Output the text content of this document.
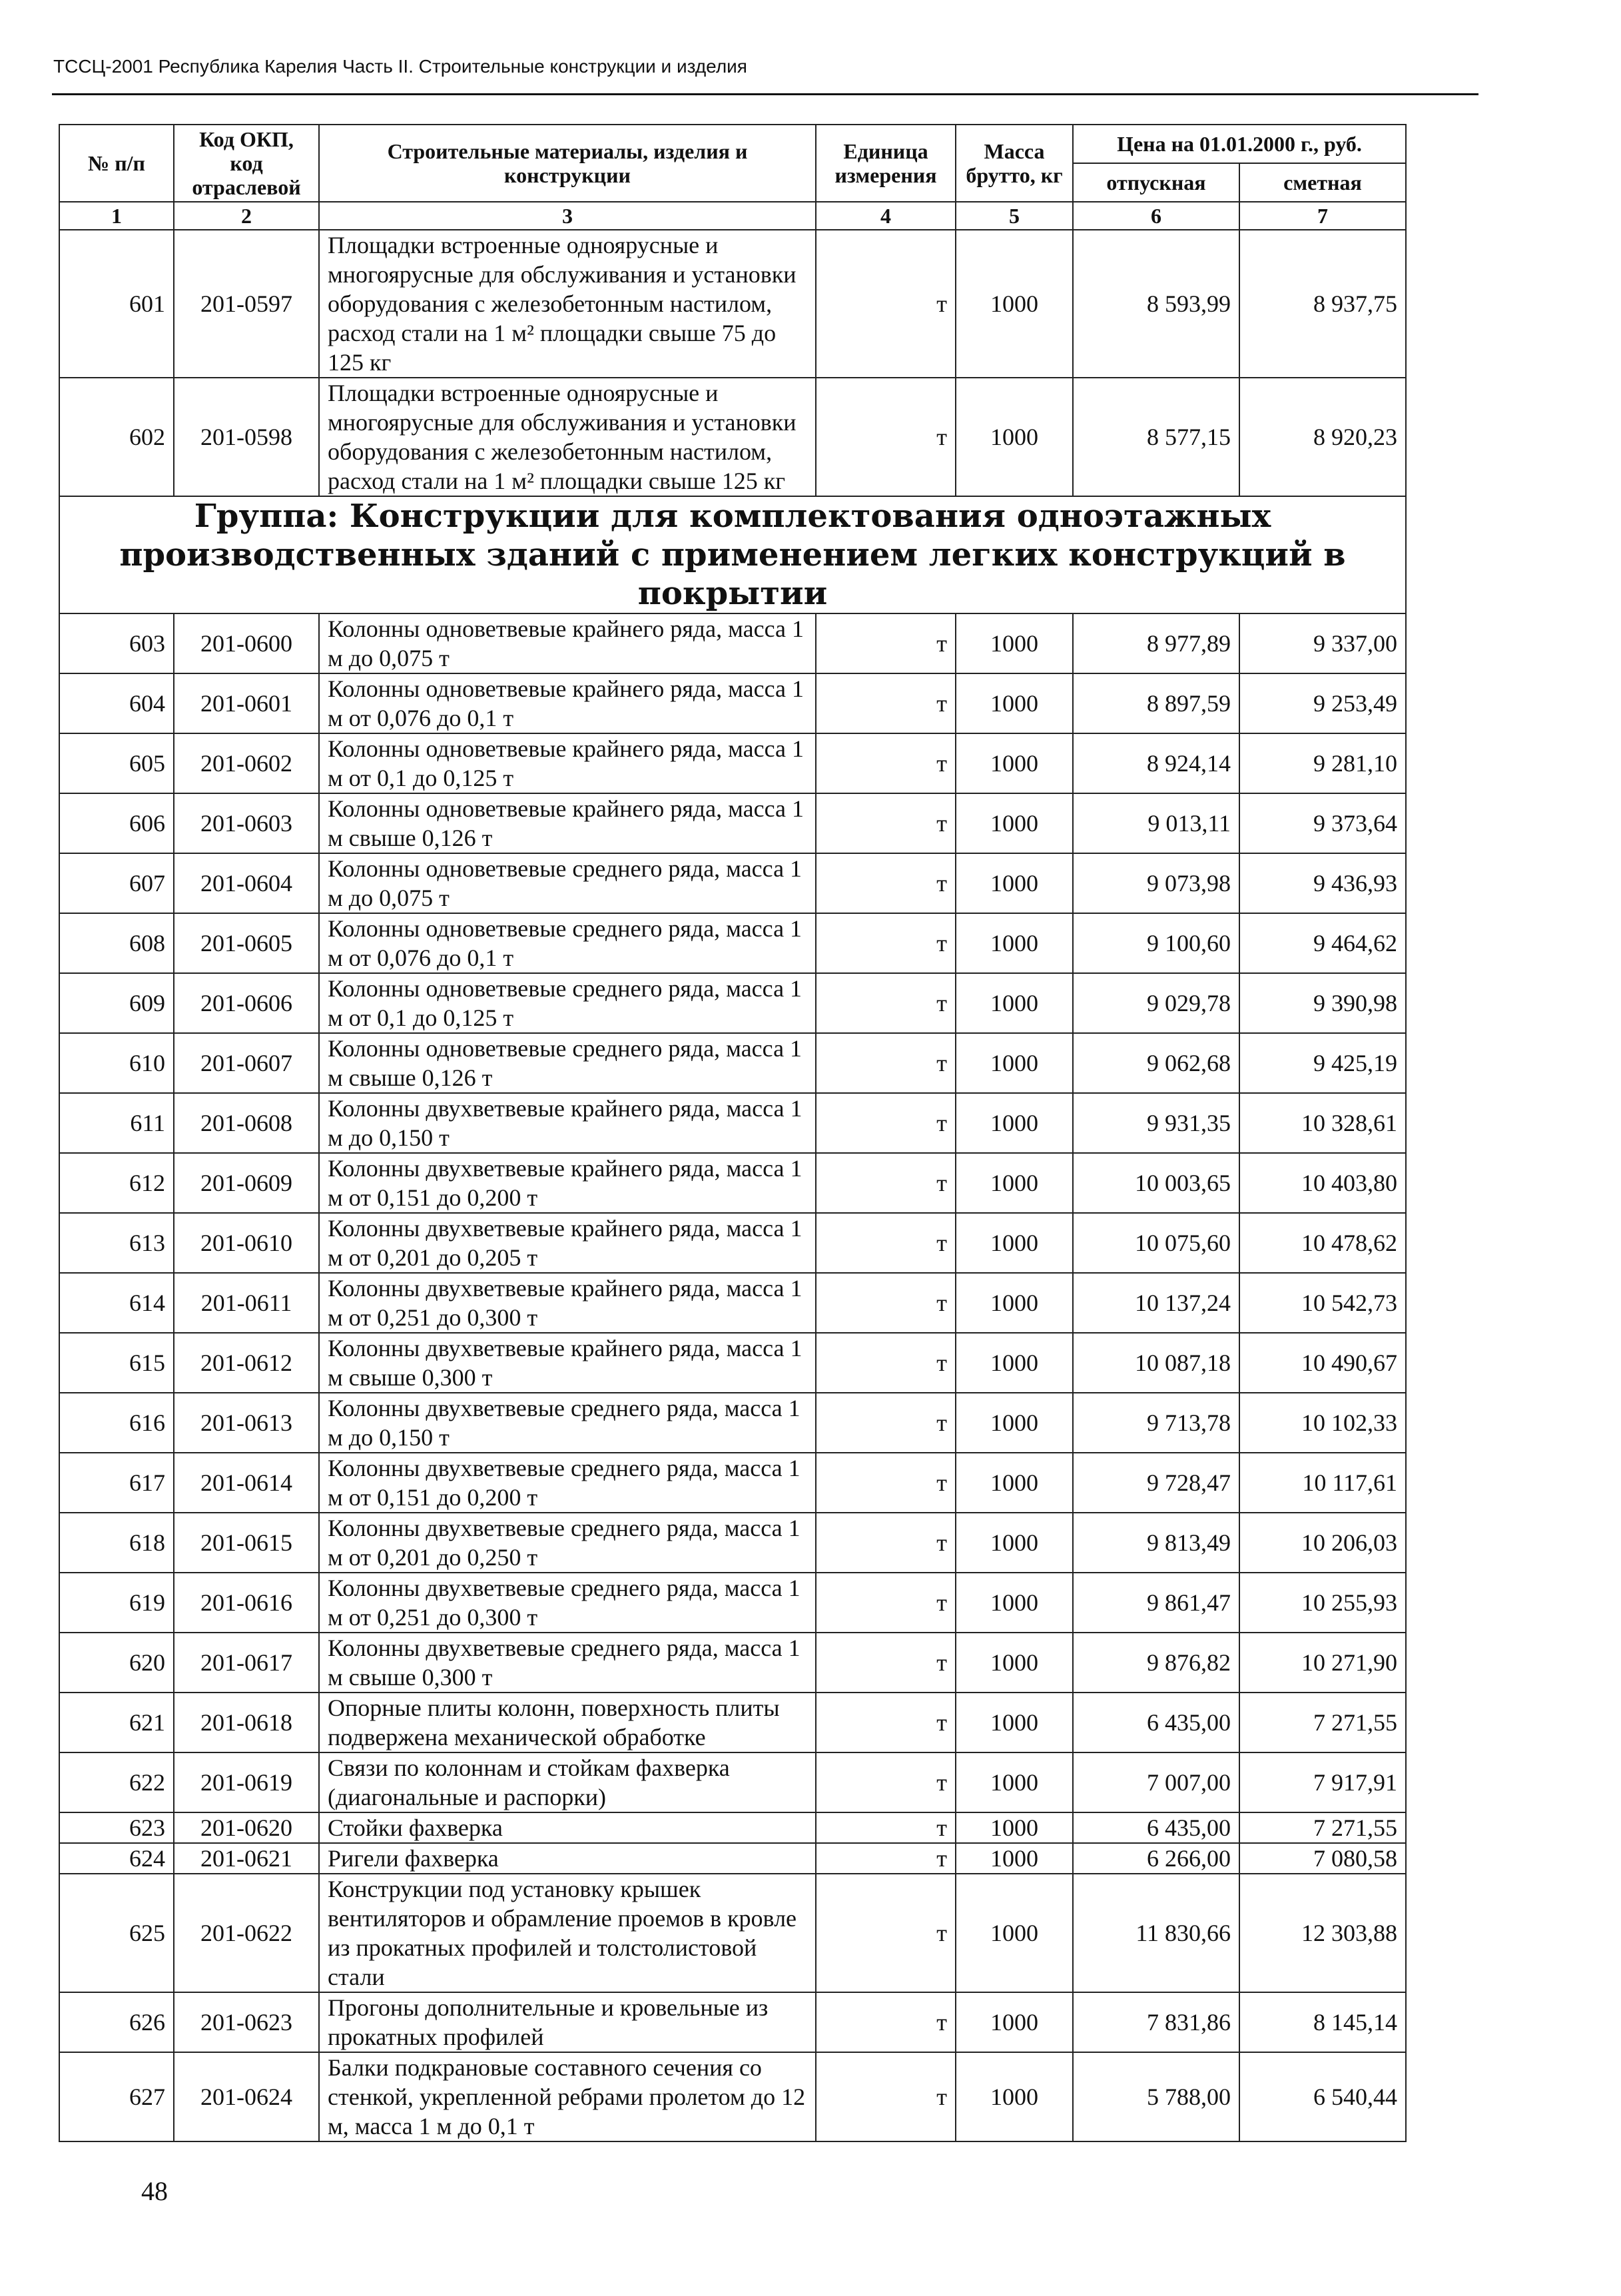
ТССЦ-2001 Республика Карелия Часть II. Строительные конструкции и изделия
№ п/п	Код ОКП, код отраслевой	Строительные материалы, изделия и конструкции	Единица измерения	Масса брутто, кг	Цена на 01.01.2000 г., руб.	
					отпускная	сметная
1	2	3	4	5	6	7
601	201-0597	Площадки встроенные одноярусные и многоярусные для обслуживания и установки оборудования с железобетонным настилом, расход стали на 1 м² площадки свыше 75 до 125 кг	т	1000	8 593,99	8 937,75
602	201-0598	Площадки встроенные одноярусные и многоярусные для обслуживания и установки оборудования с железобетонным настилом, расход стали на 1 м² площадки свыше 125 кг	т	1000	8 577,15	8 920,23
Группа: Конструкции для комплектования одноэтажных производственных зданий с применением легких конструкций в покрытии						
603	201-0600	Колонны одноветвевые крайнего ряда, масса 1 м до 0,075 т	т	1000	8 977,89	9 337,00
604	201-0601	Колонны одноветвевые крайнего ряда, масса 1 м от 0,076 до 0,1 т	т	1000	8 897,59	9 253,49
605	201-0602	Колонны одноветвевые крайнего ряда, масса 1 м от 0,1 до 0,125 т	т	1000	8 924,14	9 281,10
606	201-0603	Колонны одноветвевые крайнего ряда, масса 1 м свыше 0,126 т	т	1000	9 013,11	9 373,64
607	201-0604	Колонны одноветвевые среднего ряда, масса 1 м до 0,075 т	т	1000	9 073,98	9 436,93
608	201-0605	Колонны одноветвевые среднего ряда, масса 1 м от 0,076 до 0,1 т	т	1000	9 100,60	9 464,62
609	201-0606	Колонны одноветвевые среднего ряда, масса 1 м от 0,1 до 0,125 т	т	1000	9 029,78	9 390,98
610	201-0607	Колонны одноветвевые среднего ряда, масса 1 м свыше 0,126 т	т	1000	9 062,68	9 425,19
611	201-0608	Колонны двухветвевые крайнего ряда, масса 1 м до 0,150 т	т	1000	9 931,35	10 328,61
612	201-0609	Колонны двухветвевые крайнего ряда, масса 1 м от 0,151 до 0,200 т	т	1000	10 003,65	10 403,80
613	201-0610	Колонны двухветвевые крайнего ряда, масса 1 м от 0,201 до 0,205 т	т	1000	10 075,60	10 478,62
614	201-0611	Колонны двухветвевые крайнего ряда, масса 1 м от 0,251 до 0,300 т	т	1000	10 137,24	10 542,73
615	201-0612	Колонны двухветвевые крайнего ряда, масса 1 м свыше 0,300 т	т	1000	10 087,18	10 490,67
616	201-0613	Колонны двухветвевые среднего ряда, масса 1 м до 0,150 т	т	1000	9 713,78	10 102,33
617	201-0614	Колонны двухветвевые среднего ряда, масса 1 м от 0,151 до 0,200 т	т	1000	9 728,47	10 117,61
618	201-0615	Колонны двухветвевые среднего ряда, масса 1 м от 0,201 до 0,250 т	т	1000	9 813,49	10 206,03
619	201-0616	Колонны двухветвевые среднего ряда, масса 1 м от 0,251 до 0,300 т	т	1000	9 861,47	10 255,93
620	201-0617	Колонны двухветвевые среднего ряда, масса 1 м свыше 0,300 т	т	1000	9 876,82	10 271,90
621	201-0618	Опорные плиты колонн, поверхность плиты подвержена механической обработке	т	1000	6 435,00	7 271,55
622	201-0619	Связи по колоннам и стойкам фахверка (диагональные и распорки)	т	1000	7 007,00	7 917,91
623	201-0620	Стойки фахверка	т	1000	6 435,00	7 271,55
624	201-0621	Ригели фахверка	т	1000	6 266,00	7 080,58
625	201-0622	Конструкции под установку крышек вентиляторов и обрамление проемов в кровле из прокатных профилей и толстолистовой стали	т	1000	11 830,66	12 303,88
626	201-0623	Прогоны дополнительные и кровельные из прокатных профилей	т	1000	7 831,86	8 145,14
627	201-0624	Балки подкрановые составного сечения со стенкой, укрепленной ребрами пролетом до 12 м, масса 1 м до 0,1 т	т	1000	5 788,00	6 540,44
48
